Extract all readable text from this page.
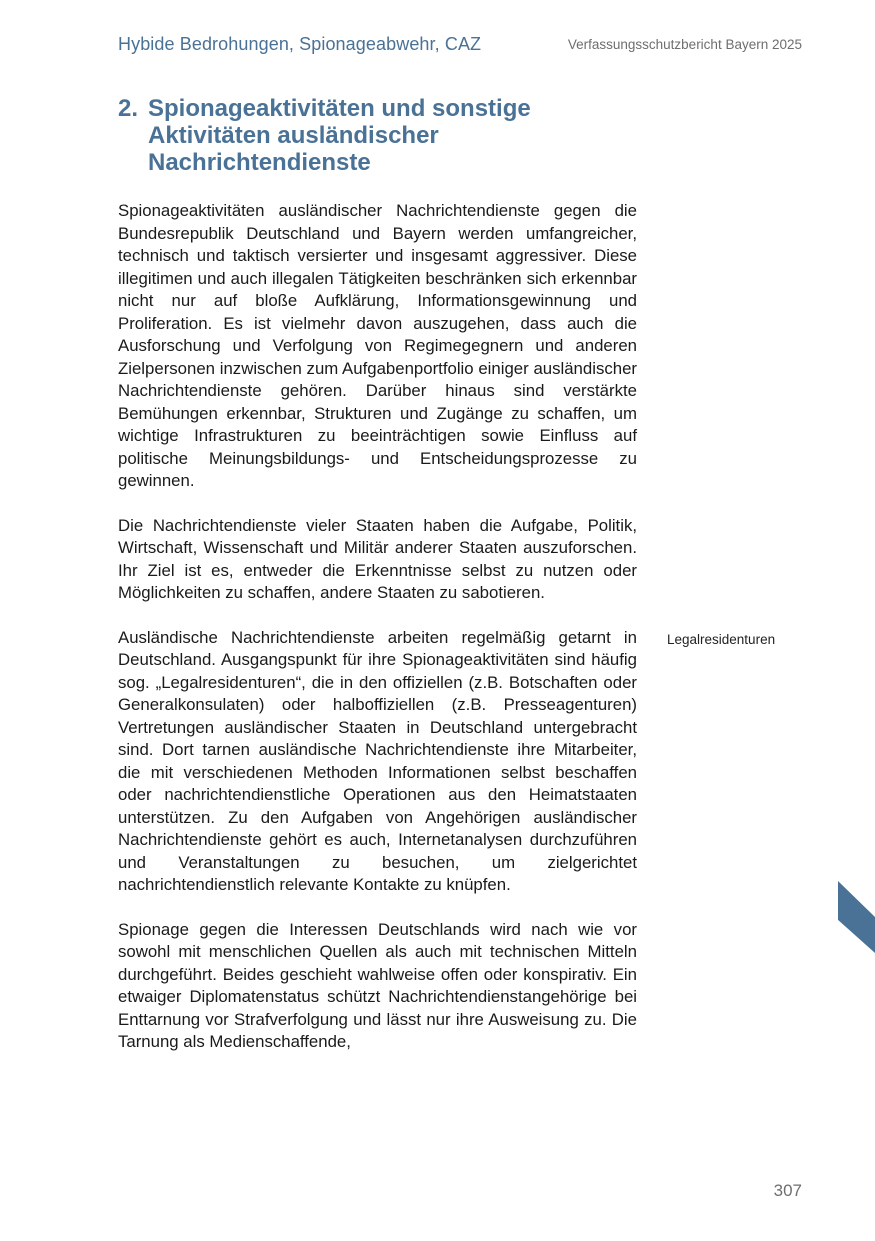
Hybide Bedrohungen, Spionageabwehr, CAZ	Verfassungsschutzbericht Bayern 2025
2. Spionageaktivitäten und sonstige Aktivitäten ausländischer Nachrichtendienste

Spionageaktivitäten ausländischer Nachrichtendienste gegen die Bundesrepublik Deutschland und Bayern werden umfangreicher, technisch und taktisch versierter und insgesamt aggressiver. Diese illegitimen und auch illegalen Tätigkeiten beschränken sich erkennbar nicht nur auf bloße Aufklärung, Informationsgewinnung und Proliferation. Es ist vielmehr davon auszugehen, dass auch die Ausforschung und Verfolgung von Regimegegnern und anderen Zielpersonen inzwischen zum Aufgabenportfolio einiger ausländischer Nachrichtendienste gehören. Darüber hinaus sind verstärkte Bemühungen erkennbar, Strukturen und Zugänge zu schaffen, um wichtige Infrastrukturen zu beeinträchtigen sowie Einfluss auf politische Meinungsbildungs- und Entscheidungsprozesse zu gewinnen.

Die Nachrichtendienste vieler Staaten haben die Aufgabe, Politik, Wirtschaft, Wissenschaft und Militär anderer Staaten auszuforschen. Ihr Ziel ist es, entweder die Erkenntnisse selbst zu nutzen oder Möglichkeiten zu schaffen, andere Staaten zu sabotieren.

Ausländische Nachrichtendienste arbeiten regelmäßig getarnt in Deutschland. Ausgangspunkt für ihre Spionageaktivitäten sind häufig sog. „Legalresidenturen“, die in den offiziellen (z.B. Botschaften oder Generalkonsulaten) oder halboffiziellen (z.B. Presseagenturen) Vertretungen ausländischer Staaten in Deutschland untergebracht sind. Dort tarnen ausländische Nachrichtendienste ihre Mitarbeiter, die mit verschiedenen Methoden Informationen selbst beschaffen oder nachrichtendienstliche Operationen aus den Heimatstaaten unterstützen. Zu den Aufgaben von Angehörigen ausländischer Nachrichtendienste gehört es auch, Internetanalysen durchzuführen und Veranstaltungen zu besuchen, um zielgerichtet nachrichtendienstlich relevante Kontakte zu knüpfen.

Spionage gegen die Interessen Deutschlands wird nach wie vor sowohl mit menschlichen Quellen als auch mit technischen Mitteln durchgeführt. Beides geschieht wahlweise offen oder konspirativ. Ein etwaiger Diplomatenstatus schützt Nachrichtendienstangehörige bei Enttarnung vor Strafverfolgung und lässt nur ihre Ausweisung zu. Die Tarnung als Medienschaffende,

Legalresidenturen
307
